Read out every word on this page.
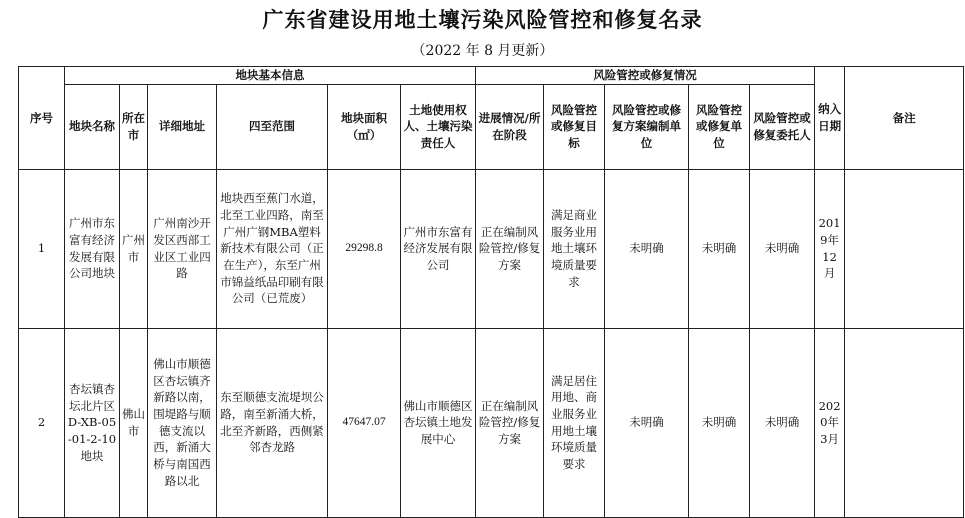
广东省建设用地土壤污染风险管控和修复名录
（2022 年 8 月更新）
序号	地块基本信息						风险管控或修复情况					纳入日期	备注
	地块名称	所在市	详细地址	四至范围	地块面积（㎡）	土地使用权人、土壤污染责任人	进展情况/所在阶段	风险管控或修复目标	风险管控或修复方案编制单位	风险管控或修复单位	风险管控或修复委托人		
1	广州市东富有经济发展有限公司地块	广州市	广州南沙开发区西部工业区工业四路	地块西至蕉门水道，北至工业四路，南至广州广钢MBA塑料新技术有限公司（正在生产），东至广州市锦益纸品印刷有限公司（已荒废）	29298.8	广州市东富有经济发展有限公司	正在编制风险管控/修复方案	满足商业服务业用地土壤环境质量要求	未明确	未明确	未明确	2019年12月	
2	杏坛镇杏坛北片区D-XB-05-01-2-10地块	佛山市	佛山市顺德区杏坛镇齐新路以南，围堤路与顺德支流以西，新涌大桥与南国西路以北	东至顺德支流堤坝公路，南至新涌大桥，北至齐新路，西侧紧邻杏龙路	47647.07	佛山市顺德区杏坛镇土地发展中心	正在编制风险管控/修复方案	满足居住用地、商业服务业用地土壤环境质量要求	未明确	未明确	未明确	2020年3月	
